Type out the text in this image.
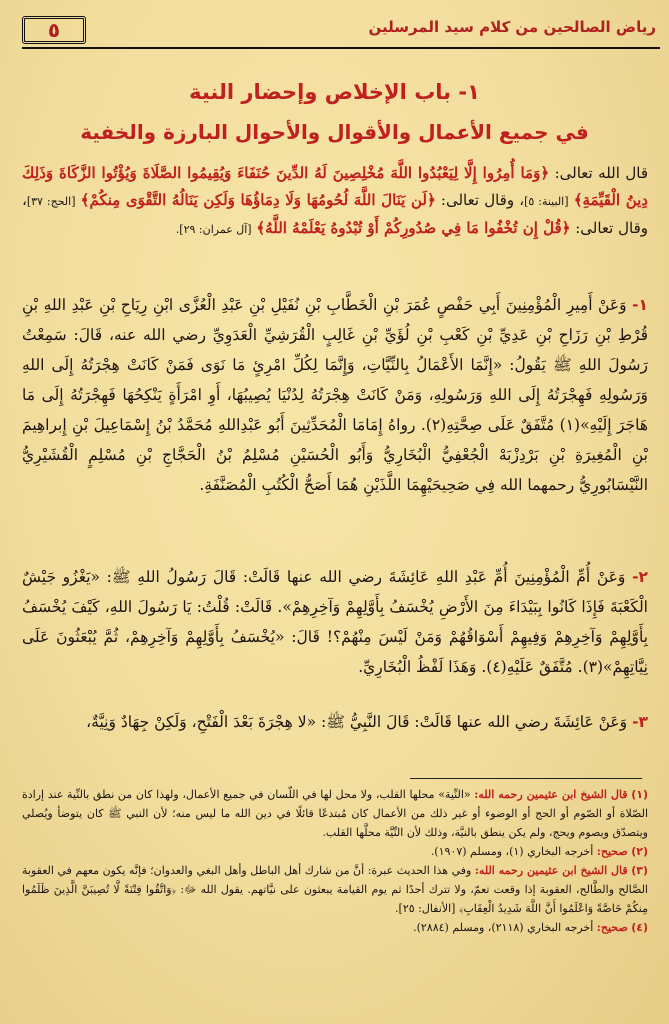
٥	رياض الصالحين من كلام سيد المرسلين
١- باب الإخلاص وإحضار النية
في جميع الأعمال والأقوال والأحوال البارزة والخفية
قال الله تعالى: ﴿وَمَا أُمِرُوا إِلَّا لِيَعْبُدُوا اللَّهَ مُخْلِصِينَ لَهُ الدِّينَ حُنَفَاءَ وَيُقِيمُوا الصَّلَاةَ وَيُؤْتُوا الزَّكَاةَ وَذَلِكَ دِينُ الْقَيِّمَةِ﴾ [البينة: ٥]، وقال تعالى: ﴿لَن يَنَالَ اللَّهَ لُحُومُهَا وَلَا دِمَاؤُهَا وَلَكِن يَنَالُهُ التَّقْوَى مِنكُمْ﴾ [الحج: ٣٧]، وقال تعالى: ﴿قُلْ إِن تُخْفُوا مَا فِي صُدُورِكُمْ أَوْ تُبْدُوهُ يَعْلَمْهُ اللَّهُ﴾ [آل عمران: ٢٩].
١- وَعَنْ أَمِيرِ الْمُؤْمِنِينَ أَبِي حَفْصٍ عُمَرَ بْنِ الْخَطَّابِ بْنِ نُفَيْلِ بْنِ عَبْدِ الْعُزَّى ابْنِ رِيَاحِ بْنِ عَبْدِ اللهِ بْنِ قُرْطِ بْنِ رَزَاحِ بْنِ عَدِيِّ بْنِ كَعْبِ بْنِ لُؤَيِّ بْنِ غَالِبٍ الْقُرَشِيِّ الْعَدَوِيِّ رضي الله عنه، قَالَ: سَمِعْتُ رَسُولَ اللهِ ﷺ يَقُولُ: «إِنَّمَا الأَعْمَالُ بِالنِّيَّاتِ، وَإِنَّمَا لِكُلِّ امْرِئٍ مَا نَوَى فَمَنْ كَانَتْ هِجْرَتُهُ إِلَى اللهِ وَرَسُولِهِ فَهِجْرَتُهُ إِلَى اللهِ وَرَسُولِهِ، وَمَنْ كَانَتْ هِجْرَتُهُ لِدُنْيَا يُصِيبُهَا، أَوِ امْرَأَةٍ يَنْكِحُهَا فَهِجْرَتُهُ إِلَى مَا هَاجَرَ إِلَيْهِ»(١) مُتَّفَقٌ عَلَى صِحَّتِهِ(٢). رواهُ إِمَامَا الْمُحَدِّثِينَ أَبُو عَبْدِاللهِ مُحَمَّدُ بْنُ إِسْمَاعِيلَ بْنِ إِبراهِيمَ بْنِ الْمُغِيرَةِ بْنِ بَرْدِزْبَهْ الْجُعْفِيُّ الْبُخَارِيُّ وَأَبُو الْحُسَيْنِ مُسْلِمُ بْنُ الْحَجَّاجِ بْنِ مُسْلِمٍ الْقُشَيْرِيُّ النَّيْسَابُورِيُّ رحمهما الله فِي صَحِيحَيْهِمَا اللَّذَيْنِ هُمَا أَصَحُّ الْكُتُبِ الْمُصَنَّفَةِ.
٢- وَعَنْ أُمِّ الْمُؤْمِنِينَ أُمِّ عَبْدِ اللهِ عَائِشَةَ رضي الله عنها قَالَتْ: قَالَ رَسُولُ اللهِ ﷺ: «يَغْزُو جَيْشٌ الْكَعْبَةَ فَإِذَا كَانُوا بِبَيْدَاءَ مِنَ الأَرْضِ يُخْسَفُ بِأَوَّلِهِمْ وَآخِرِهِمْ». قَالَتْ: قُلْتُ: يَا رَسُولَ اللهِ، كَيْفَ يُخْسَفُ بِأَوَّلِهِمْ وَآخِرِهِمْ وَفِيهِمْ أَسْوَاقُهُمْ وَمَنْ لَيْسَ مِنْهُمْ؟! قَالَ: «يُخْسَفُ بِأَوَّلِهِمْ وَآخِرِهِمْ، ثُمَّ يُبْعَثُونَ عَلَى نِيَّاتِهِمْ»(٣). مُتَّفَقٌ عَلَيْهِ(٤). وَهَذَا لَفْظُ الْبُخَارِيِّ.
٣- وَعَنْ عَائِشَةَ رضي الله عنها قَالَتْ: قَالَ النَّبِيُّ ﷺ: «لا هِجْرَةَ بَعْدَ الْفَتْحِ، وَلَكِنْ جِهَادٌ وَنِيَّةٌ،

(١) قال الشيخ ابن عثيمين رحمه الله: «النِّية» محلها القلب، ولا محل لها في اللّسان في جميع الأعمال، ولهذا كان من نطق بالنِّية عند إرادة الصّلاة أو الصّوم أو الحج أو الوضوء أو غير ذلك من الأعمال كان مُبتدعًا قائلًا في دين الله ما ليس منه؛ لأن النبي ﷺ كان يتوضأ ويُصلي ويتصدّق ويصوم ويحج، ولم يكن ينطق بالنيَّة، وذلك لأن النِّيَّة محلَّها القلب.

(٢) صحيح: أخرجه البخاري (١)، ومسلم (١٩٠٧).

(٣) قال الشيخ ابن عثيمين رحمه الله: وفي هذا الحديث عبرة: أنَّ من شارك أهل الباطل وأهل البغي والعدوان؛ فإنَّه يكون معهم في العقوبة الصَّالح والطَّالح، العقوبة إذا وقعت تعمّ، ولا تترك أحدًا ثم يوم القيامة يبعثون على نيَّاتهم. يقول الله ﷻ: ﴿وَاتَّقُوا فِتْنَةً لَّا تُصِيبَنَّ الَّذِينَ ظَلَمُوا مِنكُمْ خَاصَّةً وَاعْلَمُوا أَنَّ اللَّهَ شَدِيدُ الْعِقَابِ﴾ [الأنفال: ٢٥].

(٤) صحيح: أخرجه البخاري (٢١١٨)، ومسلم (٢٨٨٤).
